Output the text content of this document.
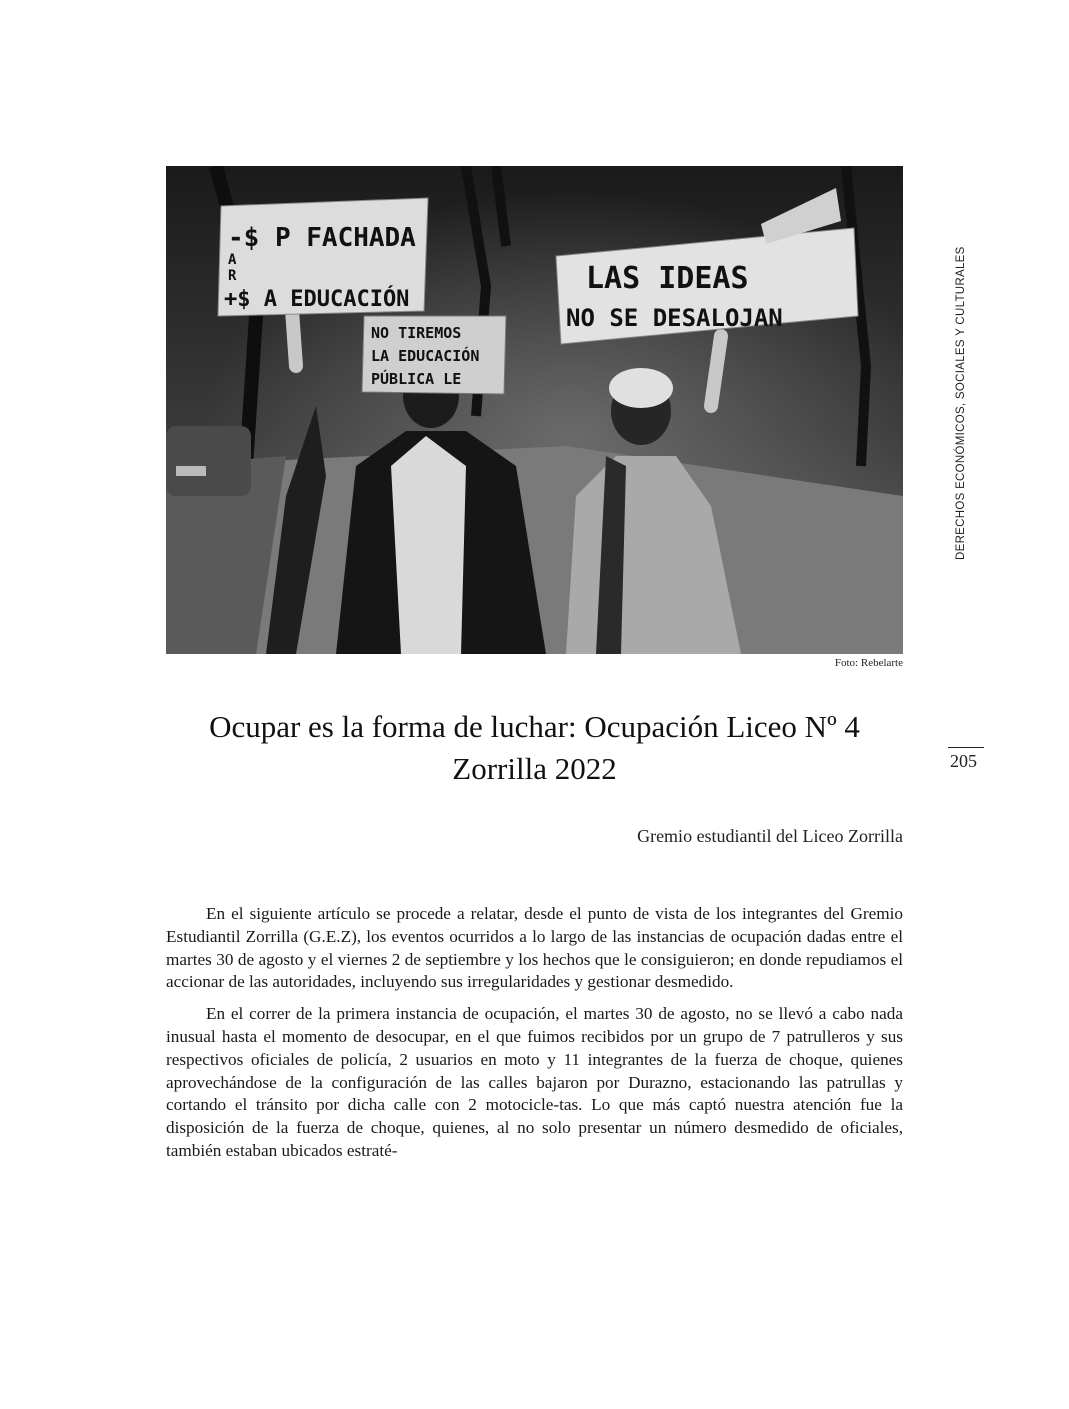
-$ P FACHADA
A
R
+$ A EDUCACIÓN
NO TIREMOS
LA EDUCACIÓN
PÚBLICA LE
LAS IDEAS
NO SE DESALOJAN
Foto: Rebelarte
Ocupar es la forma de luchar: Ocupación Liceo Nº 4
Zorrilla 2022
Gremio estudiantil del Liceo Zorrilla

En el siguiente artículo se procede a relatar, desde el punto de vista de los integrantes del Gremio Estudiantil Zorrilla (G.E.Z), los eventos ocurridos a lo largo de las instancias de ocupación dadas entre el martes 30 de agosto y el viernes 2 de septiembre y los hechos que le consiguieron; en donde repudiamos el accionar de las autoridades, incluyendo sus irregularidades y gestionar desmedido.

En el correr de la primera instancia de ocupación, el martes 30 de agosto, no se llevó a cabo nada inusual hasta el momento de desocupar, en el que fuimos recibidos por un grupo de 7 patrulleros y sus respectivos oficiales de policía, 2 usuarios en moto y 11 integrantes de la fuerza de choque, quienes aprovechándose de la configuración de las calles bajaron por Durazno, estacionando las patrullas y cortando el tránsito por dicha calle con 2 motocicle-tas. Lo que más captó nuestra atención fue la disposición de la fuerza de choque, quienes, al no solo presentar un número desmedido de oficiales, también estaban ubicados estraté-

DERECHOS ECONÓMICOS, SOCIALES Y CULTURALES
205
